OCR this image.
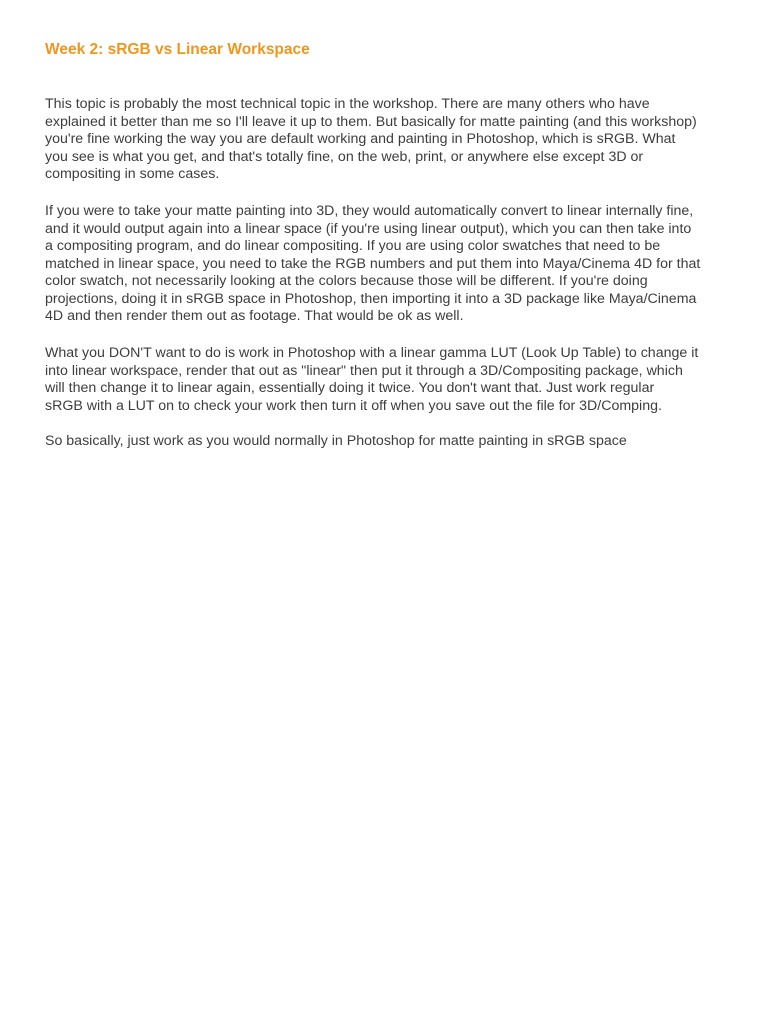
Week 2: sRGB vs Linear Workspace

This topic is probably the most technical topic in the workshop. There are many others who have
explained it better than me so I'll leave it up to them. But basically for matte painting (and this workshop)
you're fine working the way you are default working and painting in Photoshop, which is sRGB. What
you see is what you get, and that's totally fine, on the web, print, or anywhere else except 3D or
compositing in some cases.

If you were to take your matte painting into 3D, they would automatically convert to linear internally fine,
and it would output again into a linear space (if you're using linear output), which you can then take into
a compositing program, and do linear compositing. If you are using color swatches that need to be
matched in linear space, you need to take the RGB numbers and put them into Maya/Cinema 4D for that
color swatch, not necessarily looking at the colors because those will be different. If you're doing
projections, doing it in sRGB space in Photoshop, then importing it into a 3D package like Maya/Cinema
4D and then render them out as footage. That would be ok as well.

What you DON'T want to do is work in Photoshop with a linear gamma LUT (Look Up Table) to change it
into linear workspace, render that out as "linear" then put it through a 3D/Compositing package, which
will then change it to linear again, essentially doing it twice. You don't want that. Just work regular
sRGB with a LUT on to check your work then turn it off when you save out the file for 3D/Comping.

So basically, just work as you would normally in Photoshop for matte painting in sRGB space
